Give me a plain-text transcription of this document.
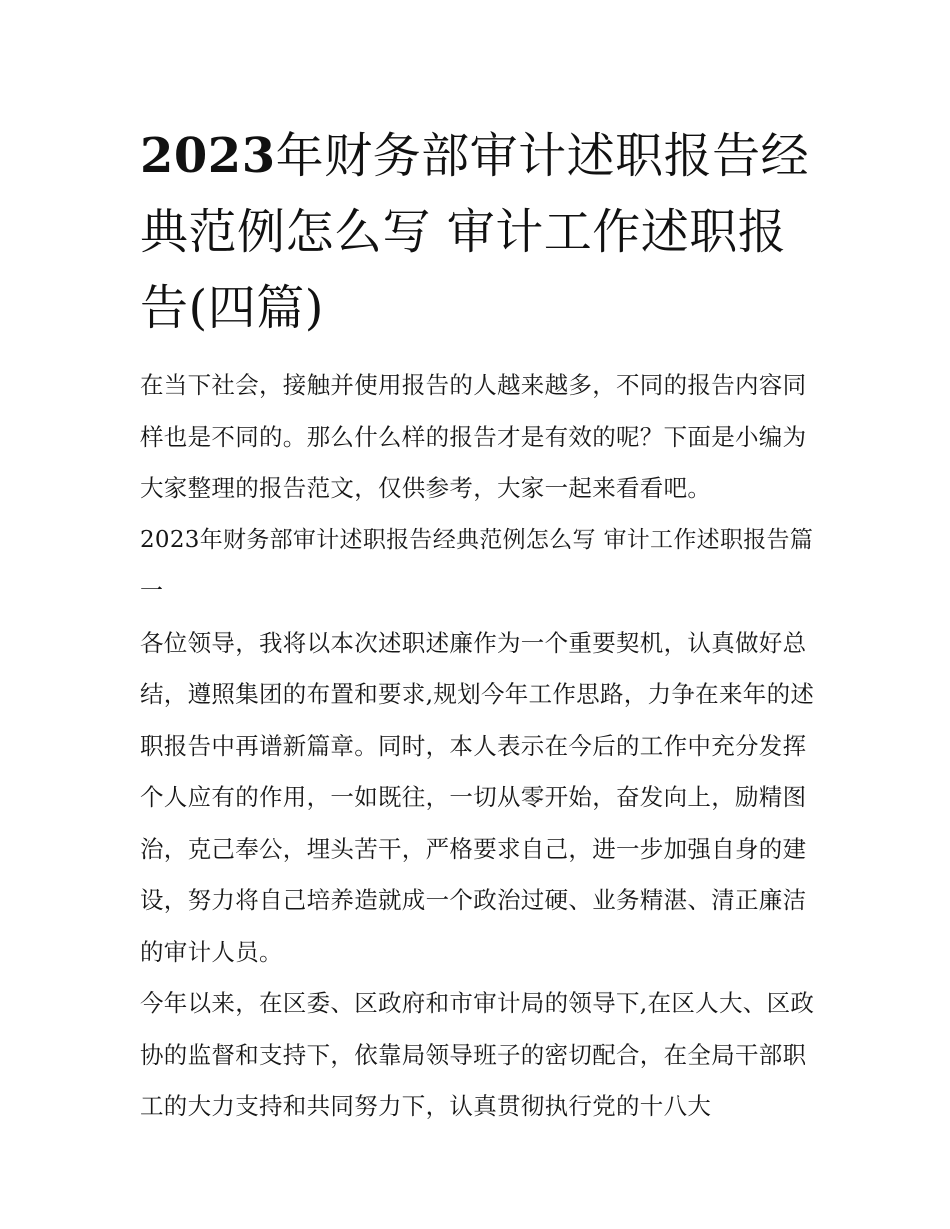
2023年财务部审计述职报告经典范例怎么写 审计工作述职报告(四篇)

在当下社会，接触并使用报告的人越来越多，不同的报告内容同样也是不同的。那么什么样的报告才是有效的呢？下面是小编为大家整理的报告范文，仅供参考，大家一起来看看吧。

2023年财务部审计述职报告经典范例怎么写 审计工作述职报告篇一

各位领导，我将以本次述职述廉作为一个重要契机，认真做好总结，遵照集团的布置和要求,规划今年工作思路，力争在来年的述职报告中再谱新篇章。同时，本人表示在今后的工作中充分发挥个人应有的作用，一如既往，一切从零开始，奋发向上，励精图治，克己奉公，埋头苦干，严格要求自己，进一步加强自身的建设，努力将自己培养造就成一个政治过硬、业务精湛、清正廉洁的审计人员。

今年以来，在区委、区政府和市审计局的领导下,在区人大、区政协的监督和支持下，依靠局领导班子的密切配合，在全局干部职工的大力支持和共同努力下，认真贯彻执行党的十八大
